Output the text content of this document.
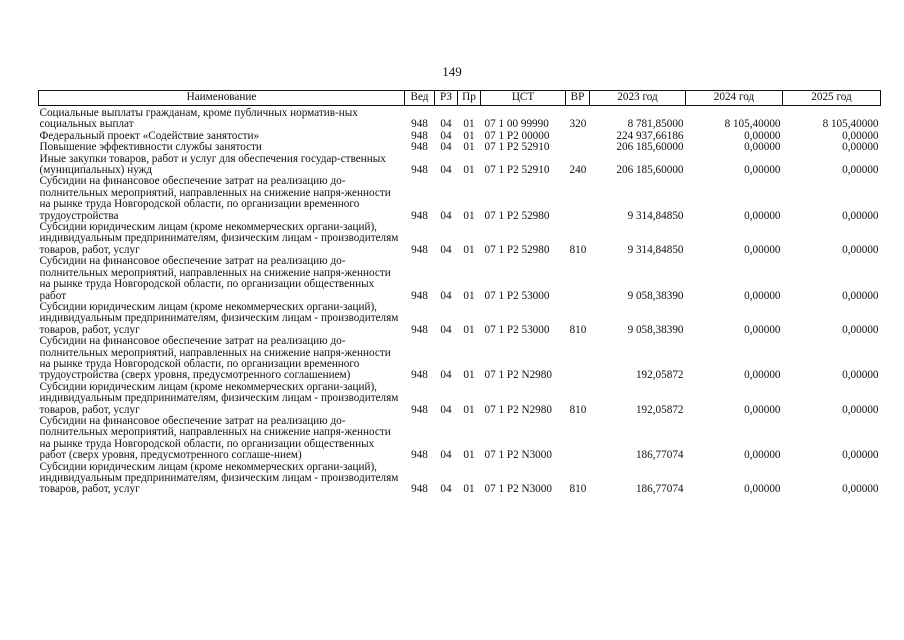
149
Наименование	Вед	РЗ	Пр	ЦСТ	ВР	2023 год	2024 год	2025 год
Социальные выплаты гражданам, кроме публичных норматив-ных социальных выплат	948	04	01	07 1 00 99990	320	8 781,85000	8 105,40000	8 105,40000
Федеральный проект «Содействие занятости»	948	04	01	07 1 P2 00000		224 937,66186	0,00000	0,00000
Повышение эффективности службы занятости	948	04	01	07 1 P2 52910		206 185,60000	0,00000	0,00000
Иные закупки товаров, работ и услуг для обеспечения государ-ственных (муниципальных) нужд	948	04	01	07 1 P2 52910	240	206 185,60000	0,00000	0,00000
Субсидии на финансовое обеспечение затрат на реализацию до-полнительных мероприятий, направленных на снижение напря-женности на рынке труда Новгородской области, по организации временного трудоустройства	948	04	01	07 1 P2 52980		9 314,84850	0,00000	0,00000
Субсидии юридическим лицам (кроме некоммерческих органи-заций), индивидуальным предпринимателям, физическим лицам - производителям товаров, работ, услуг	948	04	01	07 1 P2 52980	810	9 314,84850	0,00000	0,00000
Субсидии на финансовое обеспечение затрат на реализацию до-полнительных мероприятий, направленных на снижение напря-женности на рынке труда Новгородской области, по организации общественных работ	948	04	01	07 1 P2 53000		9 058,38390	0,00000	0,00000
Субсидии юридическим лицам (кроме некоммерческих органи-заций), индивидуальным предпринимателям, физическим лицам - производителям товаров, работ, услуг	948	04	01	07 1 P2 53000	810	9 058,38390	0,00000	0,00000
Субсидии на финансовое обеспечение затрат на реализацию до-полнительных мероприятий, направленных на снижение напря-женности на рынке труда Новгородской области, по организации временного трудоустройства (сверх уровня, предусмотренного соглашением)	948	04	01	07 1 P2 N2980		192,05872	0,00000	0,00000
Субсидии юридическим лицам (кроме некоммерческих органи-заций), индивидуальным предпринимателям, физическим лицам - производителям товаров, работ, услуг	948	04	01	07 1 P2 N2980	810	192,05872	0,00000	0,00000
Субсидии на финансовое обеспечение затрат на реализацию до-полнительных мероприятий, направленных на снижение напря-женности на рынке труда Новгородской области, по организации общественных работ (сверх уровня, предусмотренного соглаше-нием)	948	04	01	07 1 P2 N3000		186,77074	0,00000	0,00000
Субсидии юридическим лицам (кроме некоммерческих органи-заций), индивидуальным предпринимателям, физическим лицам - производителям товаров, работ, услуг	948	04	01	07 1 P2 N3000	810	186,77074	0,00000	0,00000
